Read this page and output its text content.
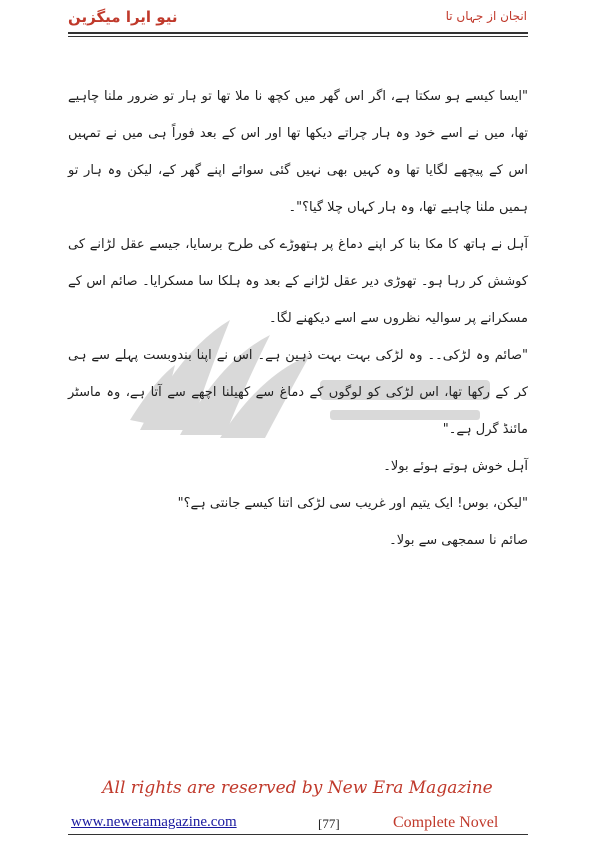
نیو ایرا میگزین	انجان از جہاں تا

"ایسا کیسے ہو سکتا ہے، اگر اس گھر میں کچھ نا ملا تھا تو ہار تو ضرور ملنا چاہیے تھا، میں نے اسے خود وہ ہار چراتے دیکھا تھا اور اس کے بعد فوراً ہی میں نے تمہیں اس کے پیچھے لگایا تھا وہ کہیں بھی نہیں گئی سوائے اپنے گھر کے، لیکن وہ ہار تو ہمیں ملنا چاہیے تھا، وہ ہار کہاں چلا گیا؟"۔

آہل نے ہاتھ کا مکا بنا کر اپنے دماغ پر ہتھوڑے کی طرح برسایا، جیسے عقل لڑانے کی کوشش کر رہا ہو۔ تھوڑی دیر عقل لڑانے کے بعد وہ ہلکا سا مسکرایا۔ صائم اس کے مسکرانے پر سوالیہ نظروں سے اسے دیکھنے لگا۔

"صائم وہ لڑکی۔۔ وہ لڑکی بہت بہت ذہین ہے۔ اس نے اپنا بندوبست پہلے سے ہی کر کے رکھا تھا، اس لڑکی کو لوگوں کے دماغ سے کھیلنا اچھے سے آتا ہے، وہ ماسٹر مائنڈ گرل ہے۔"

آہل خوش ہوتے ہوئے بولا۔

"لیکن، بوس! ایک یتیم اور غریب سی لڑکی اتنا کیسے جانتی ہے؟"

صائم نا سمجھی سے بولا۔

All rights are reserved by New Era Magazine
www.neweramagazine.com	[77]	Complete Novel
